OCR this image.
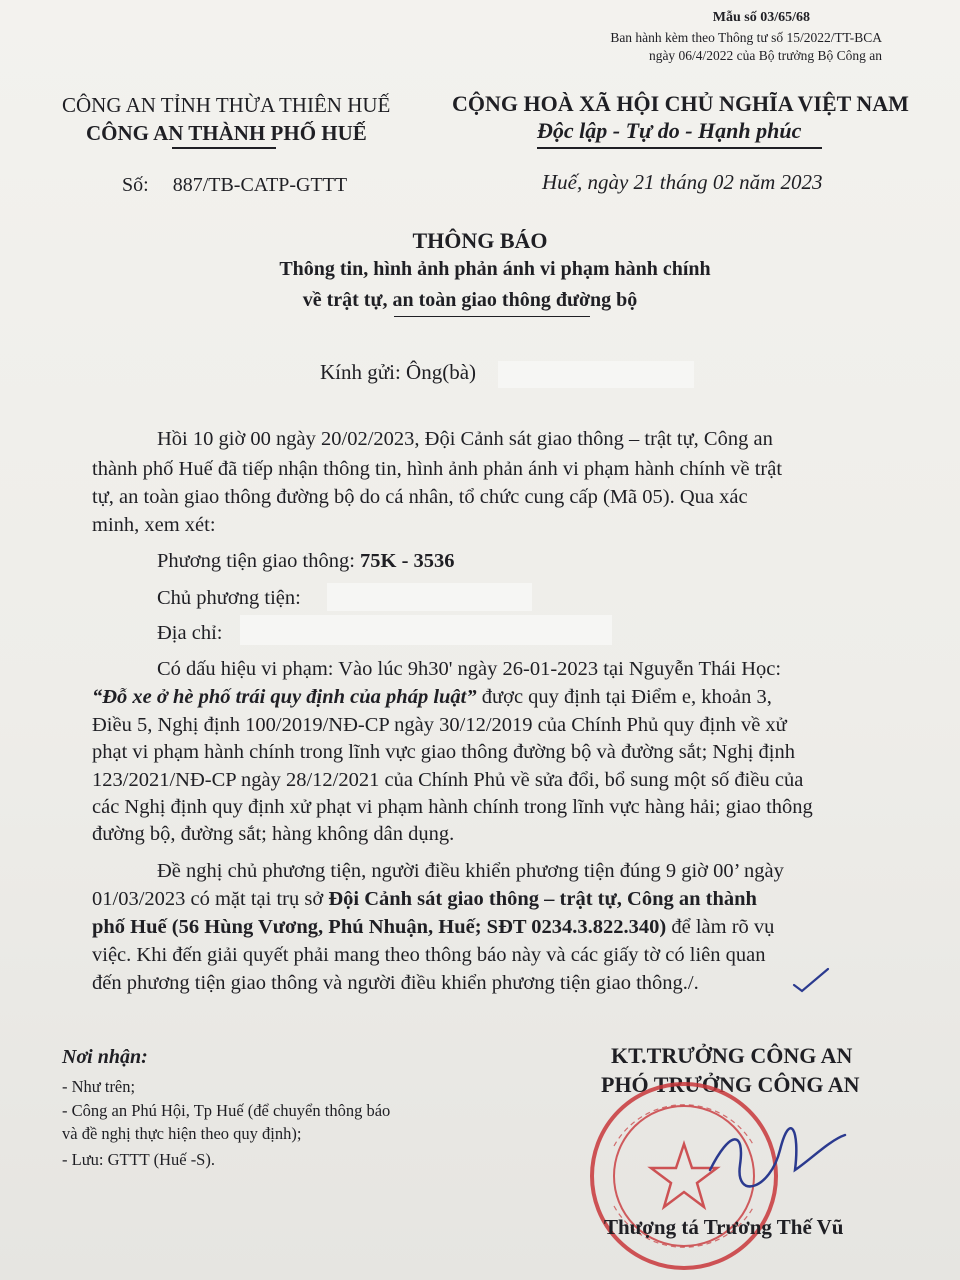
Mẫu số 03/65/68
Ban hành kèm theo Thông tư số 15/2022/TT-BCA
ngày 06/4/2022 của Bộ trưởng Bộ Công an
CÔNG AN TỈNH THỪA THIÊN HUẾ
CÔNG AN THÀNH PHỐ HUẾ
CỘNG HOÀ XÃ HỘI CHỦ NGHĨA VIỆT NAM
Độc lập - Tự do - Hạnh phúc
Số: 887/TB-CATP-GTTT	Huế, ngày 21 tháng 02 năm 2023
THÔNG BÁO
Thông tin, hình ảnh phản ánh vi phạm hành chính
về trật tự, an toàn giao thông đường bộ
Kính gửi: Ông(bà)
Hồi 10 giờ 00 ngày 20/02/2023, Đội Cảnh sát giao thông – trật tự, Công an
thành phố Huế đã tiếp nhận thông tin, hình ảnh phản ánh vi phạm hành chính về trật
tự, an toàn giao thông đường bộ do cá nhân, tổ chức cung cấp (Mã 05). Qua xác
minh, xem xét:
Phương tiện giao thông: 75K - 3536
Chủ phương tiện:
Địa chỉ:
Có dấu hiệu vi phạm: Vào lúc 9h30' ngày 26-01-2023 tại Nguyễn Thái Học:
“Đỗ xe ở hè phố trái quy định của pháp luật” được quy định tại Điểm e, khoản 3,
Điều 5, Nghị định 100/2019/NĐ-CP ngày 30/12/2019 của Chính Phủ quy định về xử
phạt vi phạm hành chính trong lĩnh vực giao thông đường bộ và đường sắt; Nghị định
123/2021/NĐ-CP ngày 28/12/2021 của Chính Phủ về sửa đổi, bổ sung một số điều của
các Nghị định quy định xử phạt vi phạm hành chính trong lĩnh vực hàng hải; giao thông
đường bộ, đường sắt; hàng không dân dụng.
Đề nghị chủ phương tiện, người điều khiển phương tiện đúng 9 giờ 00’ ngày
01/03/2023 có mặt tại trụ sở Đội Cảnh sát giao thông – trật tự, Công an thành
phố Huế (56 Hùng Vương, Phú Nhuận, Huế; SĐT 0234.3.822.340) để làm rõ vụ
việc. Khi đến giải quyết phải mang theo thông báo này và các giấy tờ có liên quan
đến phương tiện giao thông và người điều khiển phương tiện giao thông./.
Nơi nhận:
- Như trên;
- Công an Phú Hội, Tp Huế (để chuyển thông báo
và đề nghị thực hiện theo quy định);
- Lưu: GTTT (Huế -S).
KT.TRƯỞNG CÔNG AN
PHÓ TRƯỞNG CÔNG AN
Thượng tá Trương Thế Vũ
